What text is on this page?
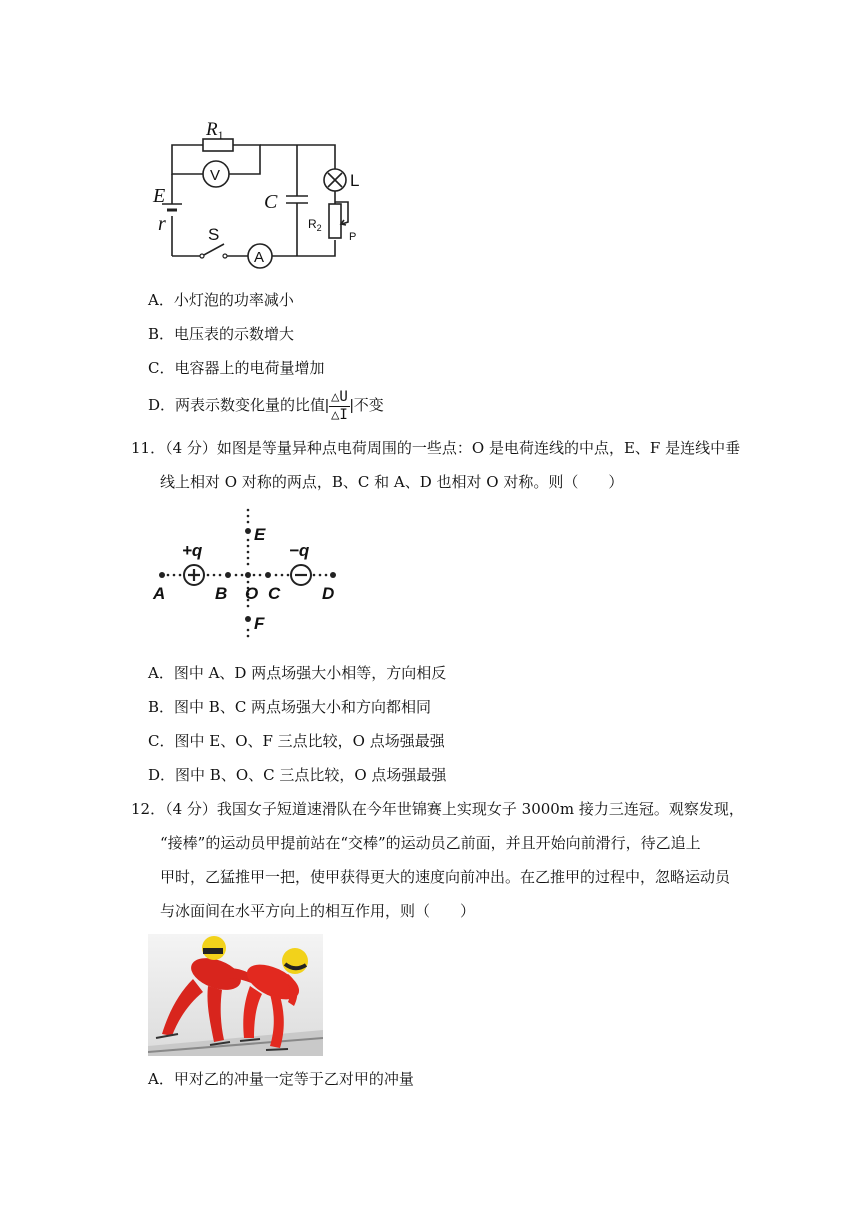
$R_1$
V
A
E
r
C
L
$R_2$
P
S
A．小灯泡的功率减小
B．电压表的示数增大
C．电容器上的电荷量增加
D．两表示数变化量的比值| $\frac{\triangle U}{\triangle I}$ |不变
11．（4 分）如图是等量异种点电荷周围的一些点：O 是电荷连线的中点，E、F 是连线中垂
线上相对 O 对称的两点，B、C 和 A、D 也相对 O 对称。则（　　）
+q	−q
A	B O C D
E
F
A．图中 A、D 两点场强大小相等，方向相反
B．图中 B、C 两点场强大小和方向都相同
C．图中 E、O、F 三点比较，O 点场强最强
D．图中 B、O、C 三点比较，O 点场强最强
12．（4 分）我国女子短道速滑队在今年世锦赛上实现女子 3000m 接力三连冠。观察发现，
“接棒”的运动员甲提前站在“交棒”的运动员乙前面，并且开始向前滑行，待乙追上
甲时，乙猛推甲一把，使甲获得更大的速度向前冲出。在乙推甲的过程中，忽略运动员
与冰面间在水平方向上的相互作用，则（　　）
A．甲对乙的冲量一定等于乙对甲的冲量
